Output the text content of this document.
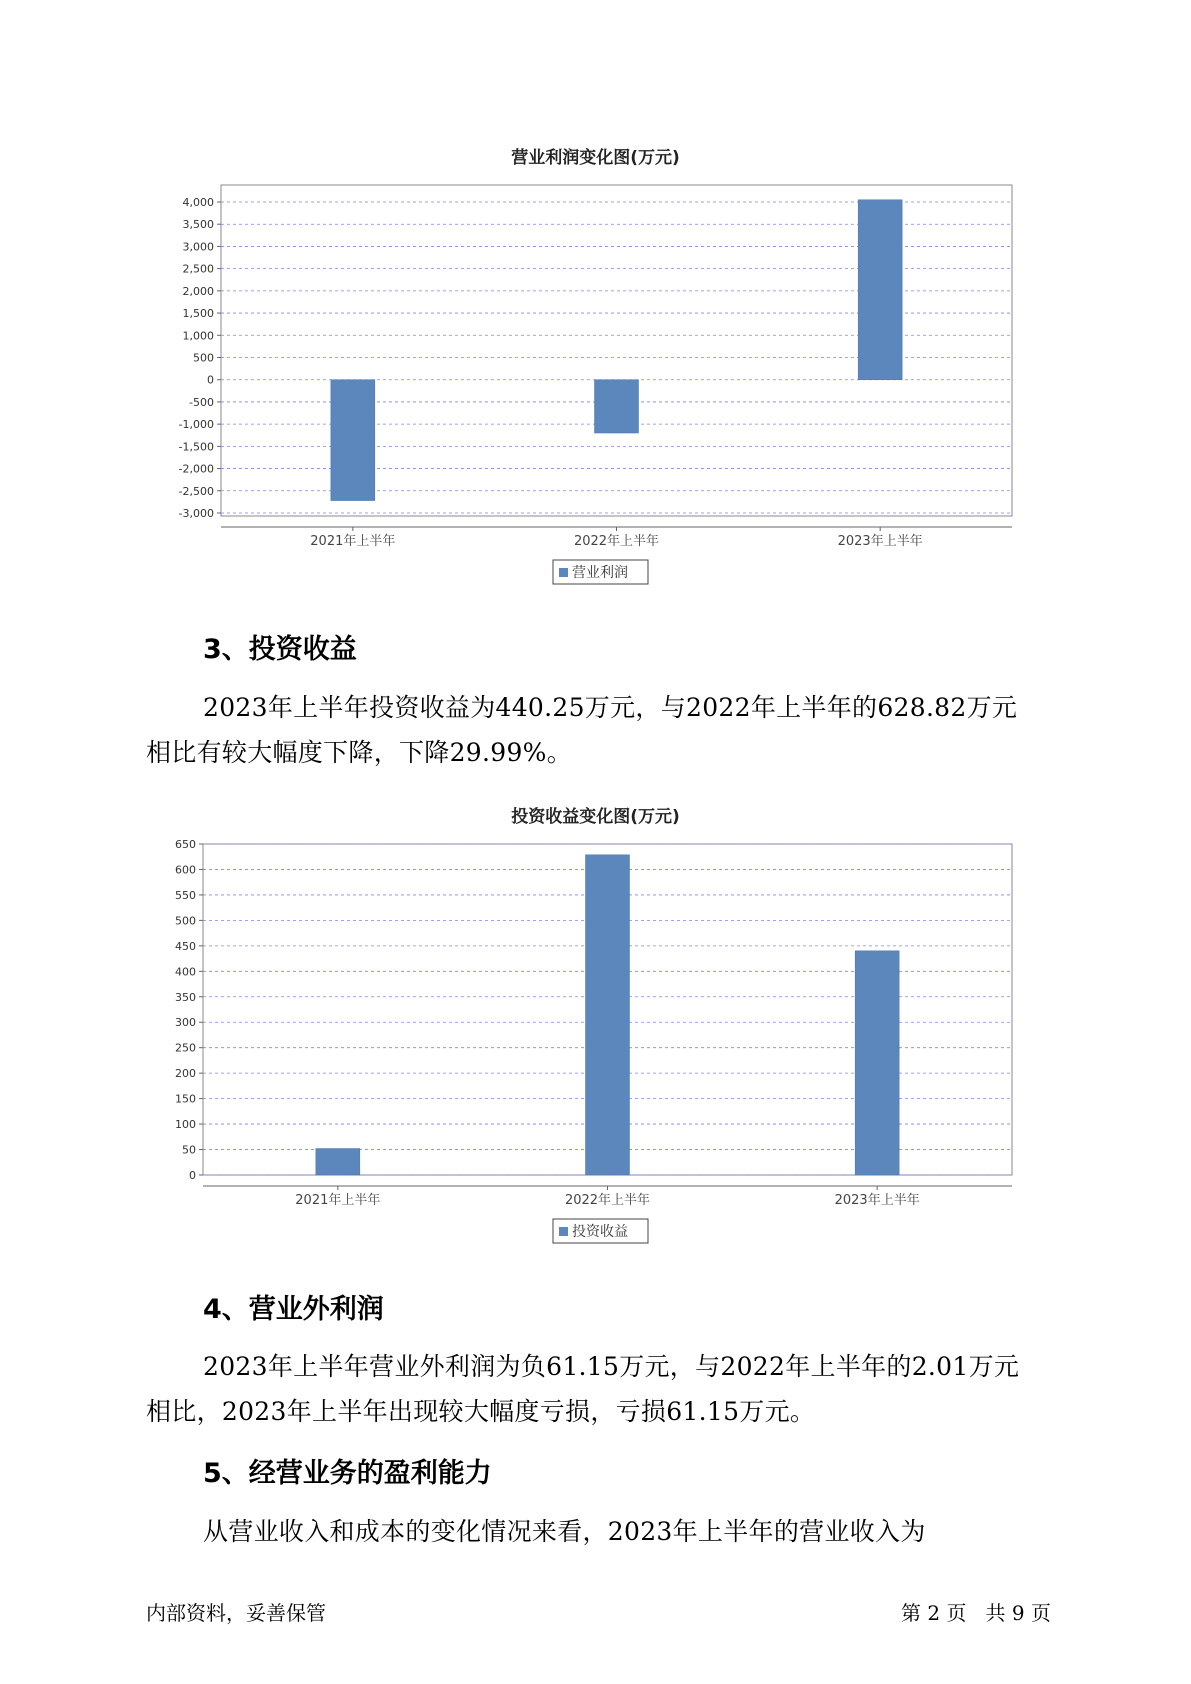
营业利润变化图(万元)
-3,000
-2,500
-2,000
-1,500
-1,000
-500
0
500
1,000
1,500
2,000
2,500
3,000
3,500
4,000
2021年上半年	2022年上半年	2023年上半年
营业利润
3、投资收益

2023年上半年投资收益为440.25万元，与2022年上半年的628.82万元

相比有较大幅度下降，下降29.99%。

投资收益变化图(万元)
0
50
100
150
200
250
300
350
400
450
500
550
600
650
2021年上半年	2022年上半年	2023年上半年
投资收益
4、营业外利润

2023年上半年营业外利润为负61.15万元，与2022年上半年的2.01万元

相比，2023年上半年出现较大幅度亏损，亏损61.15万元。

5、经营业务的盈利能力

从营业收入和成本的变化情况来看，2023年上半年的营业收入为

内部资料，妥善保管	第 2 页   共 9 页
